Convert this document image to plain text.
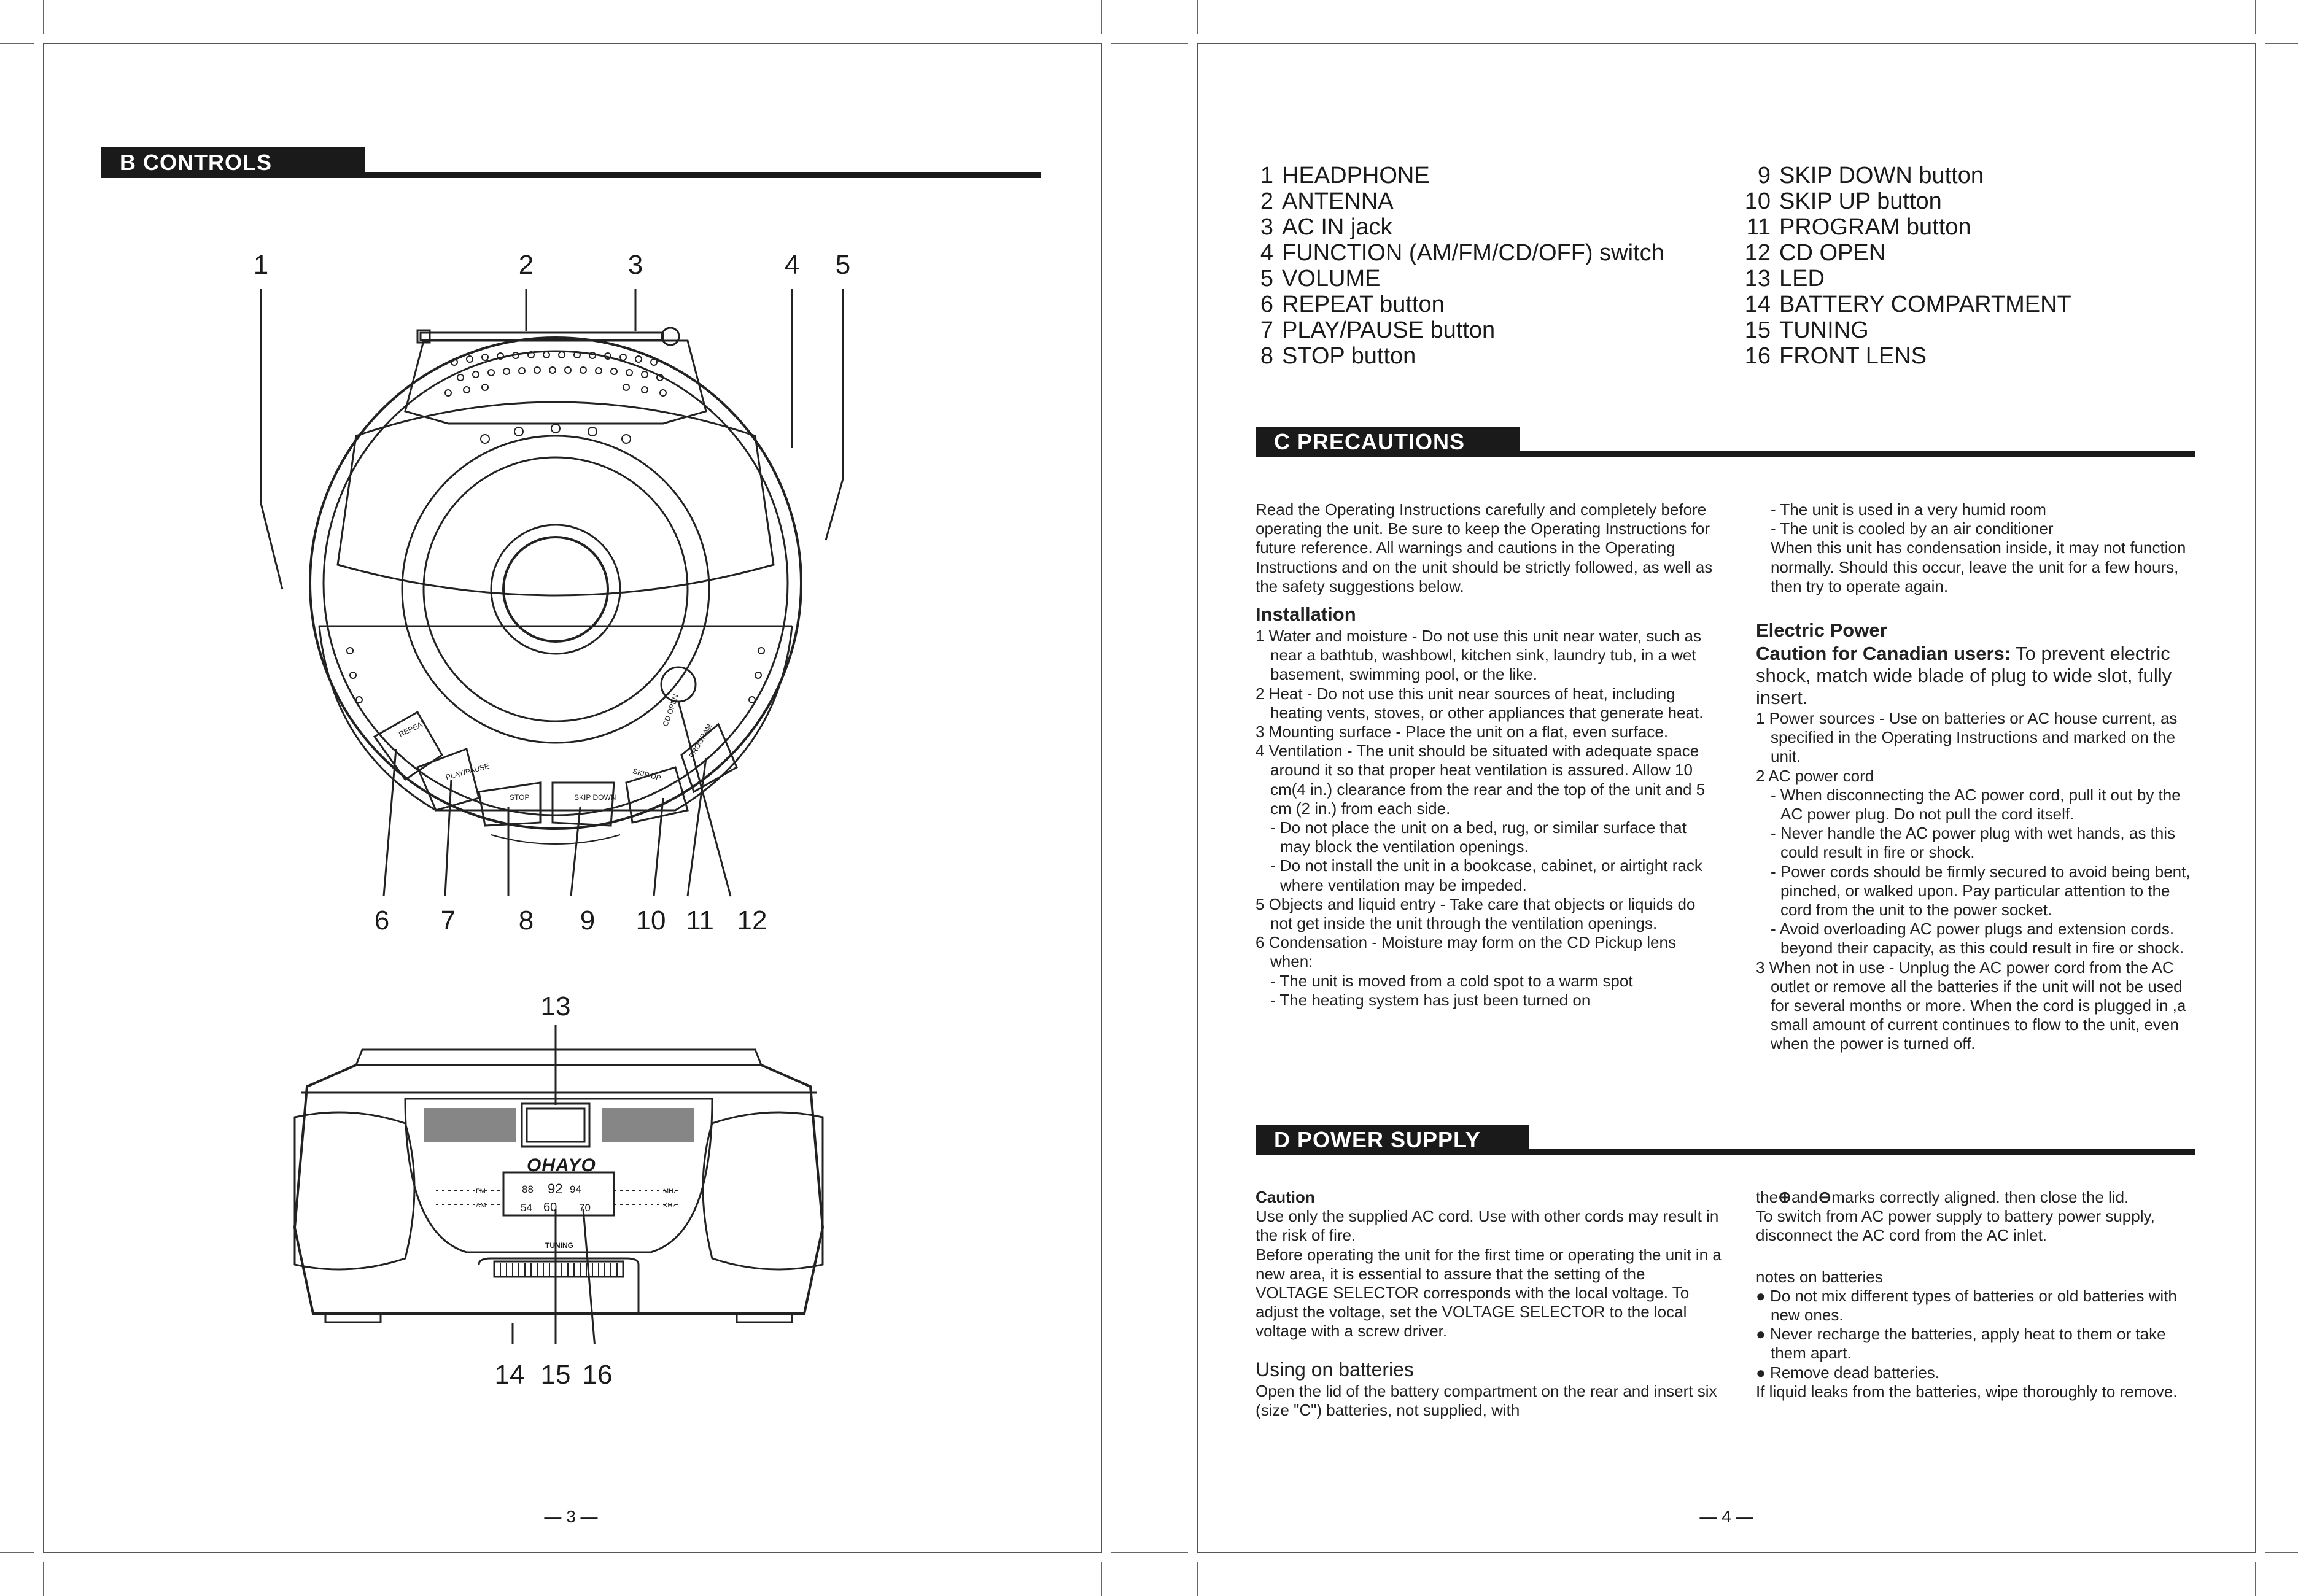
B CONTROLS
1	2	3	4 5
REPEAT
PLAY/PAUSE
STOP	SKIP DOWN
SKIP UP
PROGRAM
CD OPEN
6 7 8 9 10 11 12
13
OHAYO
FM
AM
MHz
KHz
88 92 94
54 60 70
TUNING
14 15 16
— 3 —
1 HEADPHONE
2 ANTENNA
3 AC IN jack
4 FUNCTION (AM/FM/CD/OFF) switch
5 VOLUME
6 REPEAT button
7 PLAY/PAUSE button
8 STOP button
9 SKIP DOWN button
10 SKIP UP button
11 PROGRAM button
12 CD OPEN
13 LED
14 BATTERY COMPARTMENT
15 TUNING
16 FRONT LENS
C PRECAUTIONS

Read the Operating Instructions carefully and completely before operating the unit. Be sure to keep the Operating Instructions for future reference. All warnings and cautions in the Operating Instructions and on the unit should be strictly followed, as well as the safety suggestions below.

Installation

1 Water and moisture - Do not use this unit near water, such as near a bathtub, washbowl, kitchen sink, laundry tub, in a wet basement, swimming pool, or the like.

2 Heat - Do not use this unit near sources of heat, including heating vents, stoves, or other appliances that generate heat.

3 Mounting surface - Place the unit on a flat, even surface.

4 Ventilation - The unit should be situated with adequate space around it so that proper heat ventilation is assured. Allow 10 cm(4 in.) clearance from the rear and the top of the unit and 5 cm (2 in.) from each side.

- Do not place the unit on a bed, rug, or similar surface that may block the ventilation openings.

- Do not install the unit in a bookcase, cabinet, or airtight rack where ventilation may be impeded.

5 Objects and liquid entry - Take care that objects or liquids do not get inside the unit through the ventilation openings.

6 Condensation - Moisture may form on the CD Pickup lens when:

- The unit is moved from a cold spot to a warm spot

- The heating system has just been turned on

- The unit is used in a very humid room

- The unit is cooled by an air conditioner

When this unit has condensation inside, it may not function normally. Should this occur, leave the unit for a few hours, then try to operate again.

Electric Power

Caution for Canadian users: To prevent electric shock, match wide blade of plug to wide slot, fully insert.

1 Power sources - Use on batteries or AC house current, as specified in the Operating Instructions and marked on the unit.

2 AC power cord

- When disconnecting the AC power cord, pull it out by the AC power plug. Do not pull the cord itself.

- Never handle the AC power plug with wet hands, as this could result in fire or shock.

- Power cords should be firmly secured to avoid being bent, pinched, or walked upon. Pay particular attention to the cord from the unit to the power socket.

- Avoid overloading AC power plugs and extension cords. beyond their capacity, as this could result in fire or shock.

3 When not in use - Unplug the AC power cord from the AC outlet or remove all the batteries if the unit will not be used for several months or more. When the cord is plugged in ,a small amount of current continues to flow to the unit, even when the power is turned off.

D POWER SUPPLY

Caution

Use only the supplied AC cord. Use with other cords may result in the risk of fire.

Before operating the unit for the first time or operating the unit in a new area, it is essential to assure that the setting of the VOLTAGE SELECTOR corresponds with the local voltage. To adjust the voltage, set the VOLTAGE SELECTOR to the local voltage with a screw driver.

Using on batteries

Open the lid of the battery compartment on the rear and insert six (size "C") batteries, not supplied, with

the⊕and⊖marks correctly aligned. then close the lid.

To switch from AC power supply to battery power supply, disconnect the AC cord from the AC inlet.

notes on batteries

● Do not mix different types of batteries or old batteries with new ones.

● Never recharge the batteries, apply heat to them or take them apart.

● Remove dead batteries.

If liquid leaks from the batteries, wipe thoroughly to remove.

— 4 —
